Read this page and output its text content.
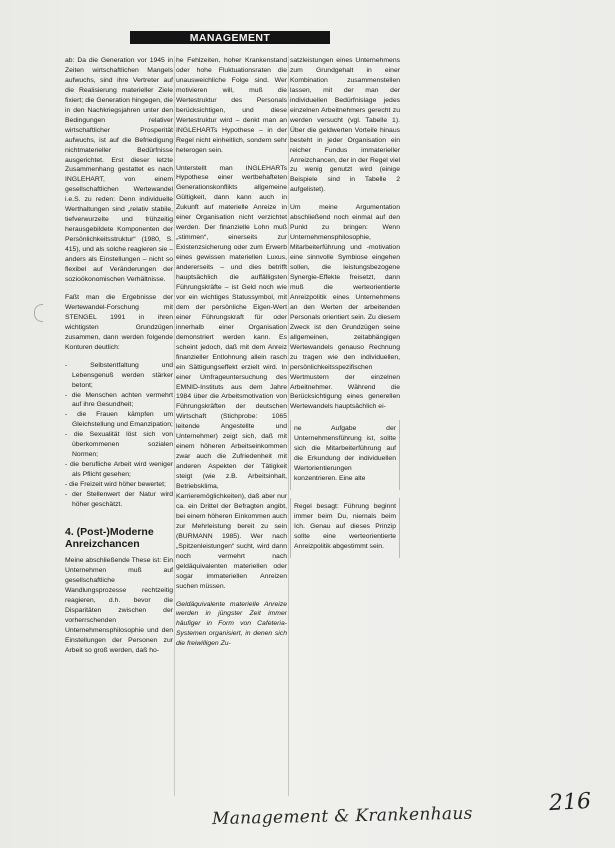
MANAGEMENT

ab: Da die Generation vor 1945 in Zeiten wirtschaftlichen Mangels aufwuchs, sind ihre Vertreter auf die Realisierung materieller Ziele fixiert; die Generation hingegen, die in den Nachkriegsjahren unter den Bedingungen relativer wirtschaftlicher Prosperität aufwuchs, ist auf die Befriedigung nichtmaterieller Bedürfnisse ausgerichtet. Erst dieser letzte Zusammenhang gestattet es nach INGLEHART, von einem gesellschaftlichen Wertewandel i.e.S. zu reden: Denn individuelle Werthaltungen sind „relativ stabile, tiefverwurzelte und frühzeitig herausgebildete Komponenten der Persönlichkeitsstruktur“ (1980, S. 415), und als solche reagieren sie – anders als Einstellungen – nicht so flexibel auf Veränderungen der sozioökonomischen Verhältnisse.

Faßt man die Ergebnisse der Wertewandel-Forschung mit STENGEL 1991 in ihren wichtigsten Grundzügen zusammen, dann werden folgende Konturen deutlich:

- Selbstentfaltung und Lebensgenuß werden stärker betont;
- die Menschen achten vermehrt auf ihre Gesundheit;
- die Frauen kämpfen um Gleichstellung und Emanzipation;
- die Sexualität löst sich von überkommenen sozialen Normen;
- die berufliche Arbeit wird weniger als Pflicht gesehen;
- die Freizeit wird höher bewertet;
- der Stellenwert der Natur wird höher geschätzt.
4. (Post-)Moderne Anreizchancen

Meine abschließende These ist: Ein Unternehmen muß auf gesellschaftliche Wandlungsprozesse rechtzeitig reagieren, d.h. bevor die Disparitäten zwischen der vorherrschenden Unternehmensphilosophie und den Einstellungen der Personen zur Arbeit so groß werden, daß ho-

he Fehlzeiten, hoher Krankenstand oder hohe Fluktuationsraten die unausweichliche Folge sind. Wer motivieren will, muß die Wertestruktur des Personals berücksichtigen, und diese Wertestruktur wird – denkt man an INGLEHARTs Hypothese – in der Regel nicht einheitlich, sondern sehr heterogen sein.

Unterstellt man INGLEHARTs Hypothese einer wertbehafteten Generationskonflikts allgemeine Gültigkeit, dann kann auch in Zukunft auf materielle Anreize in einer Organisation nicht verzichtet werden. Der finanzielle Lohn muß „stimmen“, einerseits zur Existenzsicherung oder zum Erwerb eines gewissen materiellen Luxus, andererseits – und dies betrifft hauptsächlich die auffälligsten Führungskräfte – ist Geld noch wie vor ein wichtiges Statussymbol, mit dem der persönliche Eigen-Wert einer Führungskraft für oder innerhalb einer Organisation demonstriert werden kann. Es scheint jedoch, daß mit dem Anreiz finanzieller Entlohnung allein rasch ein Sättigungseffekt erzielt wird. In einer Umfrageuntersuchung des EMNID-Instituts aus dem Jahre 1984 über die Arbeitsmotivation von Führungskräften der deutschen Wirtschaft (Stichprobe: 1065 leitende Angestellte und Unternehmer) zeigt sich, daß mit einem höheren Arbeitseinkommen zwar auch die Zufriedenheit mit anderen Aspekten der Tätigkeit steigt (wie z.B. Arbeitsinhalt, Betriebsklima, Karrieremöglichkeiten), daß aber nur ca. ein Drittel der Befragten angibt, bei einem höheren Einkommen auch zur Mehrleistung bereit zu sein (BURMANN 1985). Wer nach „Spitzenleistungen“ sucht, wird dann noch vermehrt nach geldäquivalenten materiellen oder sogar immateriellen Anreizen suchen müssen.

Geldäquivalente materielle Anreize werden in jüngster Zeit immer häufiger in Form von Cafeteria-Systemen organisiert, in denen sich die freiwilligen Zu-

satzleistungen eines Unternehmens zum Grundgehalt in einer Kombination zusammenstellen lassen, mit der man der individuellen Bedürfnislage jedes einzelnen Arbeitnehmers gerecht zu werden versucht (vgl. Tabelle 1). Über die geldwerten Vorteile hinaus besteht in jeder Organisation ein reicher Fundus immaterieller Anreizchancen, der in der Regel viel zu wenig genutzt wird (einige Beispiele sind in Tabelle 2 aufgelistet).

Um meine Argumentation abschließend noch einmal auf den Punkt zu bringen: Wenn Unternehmensphilosophie, Mitarbeiterführung und -motivation eine sinnvolle Symbiose eingehen sollen, die leistungsbezogene Synergie-Effekte freisetzt, dann muß die werteorientierte Anreizpolitik eines Unternehmens an den Werten der arbeitenden Personals orientiert sein. Zu diesem Zweck ist den Grundzügen seine allgemeinen, zeitabhängigen Wertewandels genauso Rechnung zu tragen wie den individuellen, persönlichkeitsspezifischen Wertmustern der einzelnen Arbeitnehmer. Während die Berücksichtigung eines generellen Wertewandels hauptsächlich ei-

ne Aufgabe der Unternehmensführung ist, sollte sich die Mitarbeiterführung auf die Erkundung der individuellen Wertorientierungen konzentrieren. Eine alte

Regel besagt: Führung beginnt immer beim Du, niemals beim Ich. Genau auf dieses Prinzip sollte eine werteorientierte Anreizpolitik abgestimmt sein.

Management & Krankenhaus
216
